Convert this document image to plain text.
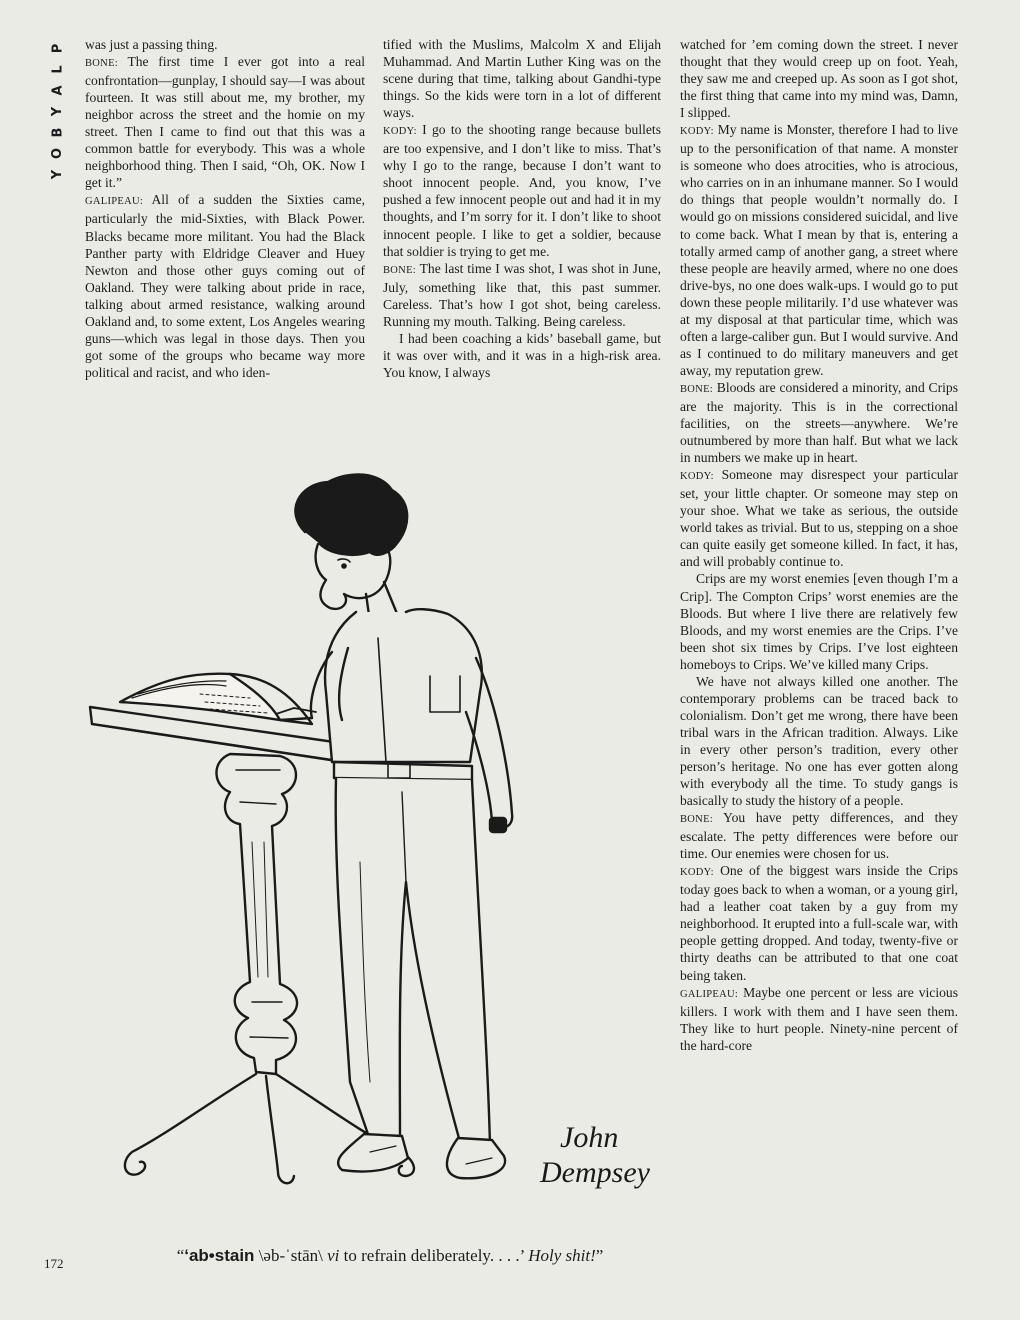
P
L
A
Y
B
O
Y

was just a passing thing.

BONE: The first time I ever got into a real confrontation—gunplay, I should say—I was about fourteen. It was still about me, my brother, my neighbor across the street and the homie on my street. Then I came to find out that this was a common battle for everybody. This was a whole neighborhood thing. Then I said, “Oh, OK. Now I get it.”

GALIPEAU: All of a sudden the Sixties came, particularly the mid-Sixties, with Black Power. Blacks became more militant. You had the Black Panther party with Eldridge Cleaver and Huey Newton and those other guys coming out of Oakland. They were talking about pride in race, talking about armed resistance, walking around Oakland and, to some extent, Los Angeles wearing guns—which was legal in those days. Then you got some of the groups who became way more political and racist, and who iden-

tified with the Muslims, Malcolm X and Elijah Muhammad. And Martin Luther King was on the scene during that time, talking about Gandhi-type things. So the kids were torn in a lot of different ways.

KODY: I go to the shooting range because bullets are too expensive, and I don’t like to miss. That’s why I go to the range, because I don’t want to shoot innocent people. And, you know, I’ve pushed a few innocent people out and had it in my thoughts, and I’m sorry for it. I don’t like to shoot innocent people. I like to get a soldier, because that soldier is trying to get me.

BONE: The last time I was shot, I was shot in June, July, something like that, this past summer. Careless. That’s how I got shot, being careless. Running my mouth. Talking. Being careless.

I had been coaching a kids’ baseball game, but it was over with, and it was in a high-risk area. You know, I always

watched for ’em coming down the street. I never thought that they would creep up on foot. Yeah, they saw me and creeped up. As soon as I got shot, the first thing that came into my mind was, Damn, I slipped.

KODY: My name is Monster, therefore I had to live up to the personification of that name. A monster is someone who does atrocities, who is atrocious, who carries on in an inhumane manner. So I would do things that people wouldn’t normally do. I would go on missions considered suicidal, and live to come back. What I mean by that is, entering a totally armed camp of another gang, a street where these people are heavily armed, where no one does drive-bys, no one does walk-ups. I would go to put down these people militarily. I’d use whatever was at my disposal at that particular time, which was often a large-caliber gun. But I would survive. And as I continued to do military maneuvers and get away, my reputation grew.

BONE: Bloods are considered a minority, and Crips are the majority. This is in the correctional facilities, on the streets—anywhere. We’re outnumbered by more than half. But what we lack in numbers we make up in heart.

KODY: Someone may disrespect your particular set, your little chapter. Or someone may step on your shoe. What we take as serious, the outside world takes as trivial. But to us, stepping on a shoe can quite easily get someone killed. In fact, it has, and will probably continue to.

Crips are my worst enemies [even though I’m a Crip]. The Compton Crips’ worst enemies are the Bloods. But where I live there are relatively few Bloods, and my worst enemies are the Crips. I’ve been shot six times by Crips. I’ve lost eighteen homeboys to Crips. We’ve killed many Crips.

We have not always killed one another. The contemporary problems can be traced back to colonialism. Don’t get me wrong, there have been tribal wars in the African tradition. Always. Like in every other person’s tradition, every other person’s heritage. No one has ever gotten along with everybody all the time. To study gangs is basically to study the history of a people.

BONE: You have petty differences, and they escalate. The petty differences were before our time. Our enemies were chosen for us.

KODY: One of the biggest wars inside the Crips today goes back to when a woman, or a young girl, had a leather coat taken by a guy from my neighborhood. It erupted into a full-scale war, with people getting dropped. And today, twenty-five or thirty deaths can be attributed to that one coat being taken.

GALIPEAU: Maybe one percent or less are vicious killers. I work with them and I have seen them. They like to hurt people. Ninety-nine percent of the hard-core

John
Dempsey
“‘ab•stain \əb-ˈstān\ vi to refrain deliberately. . . .’ Holy shit!”
172
